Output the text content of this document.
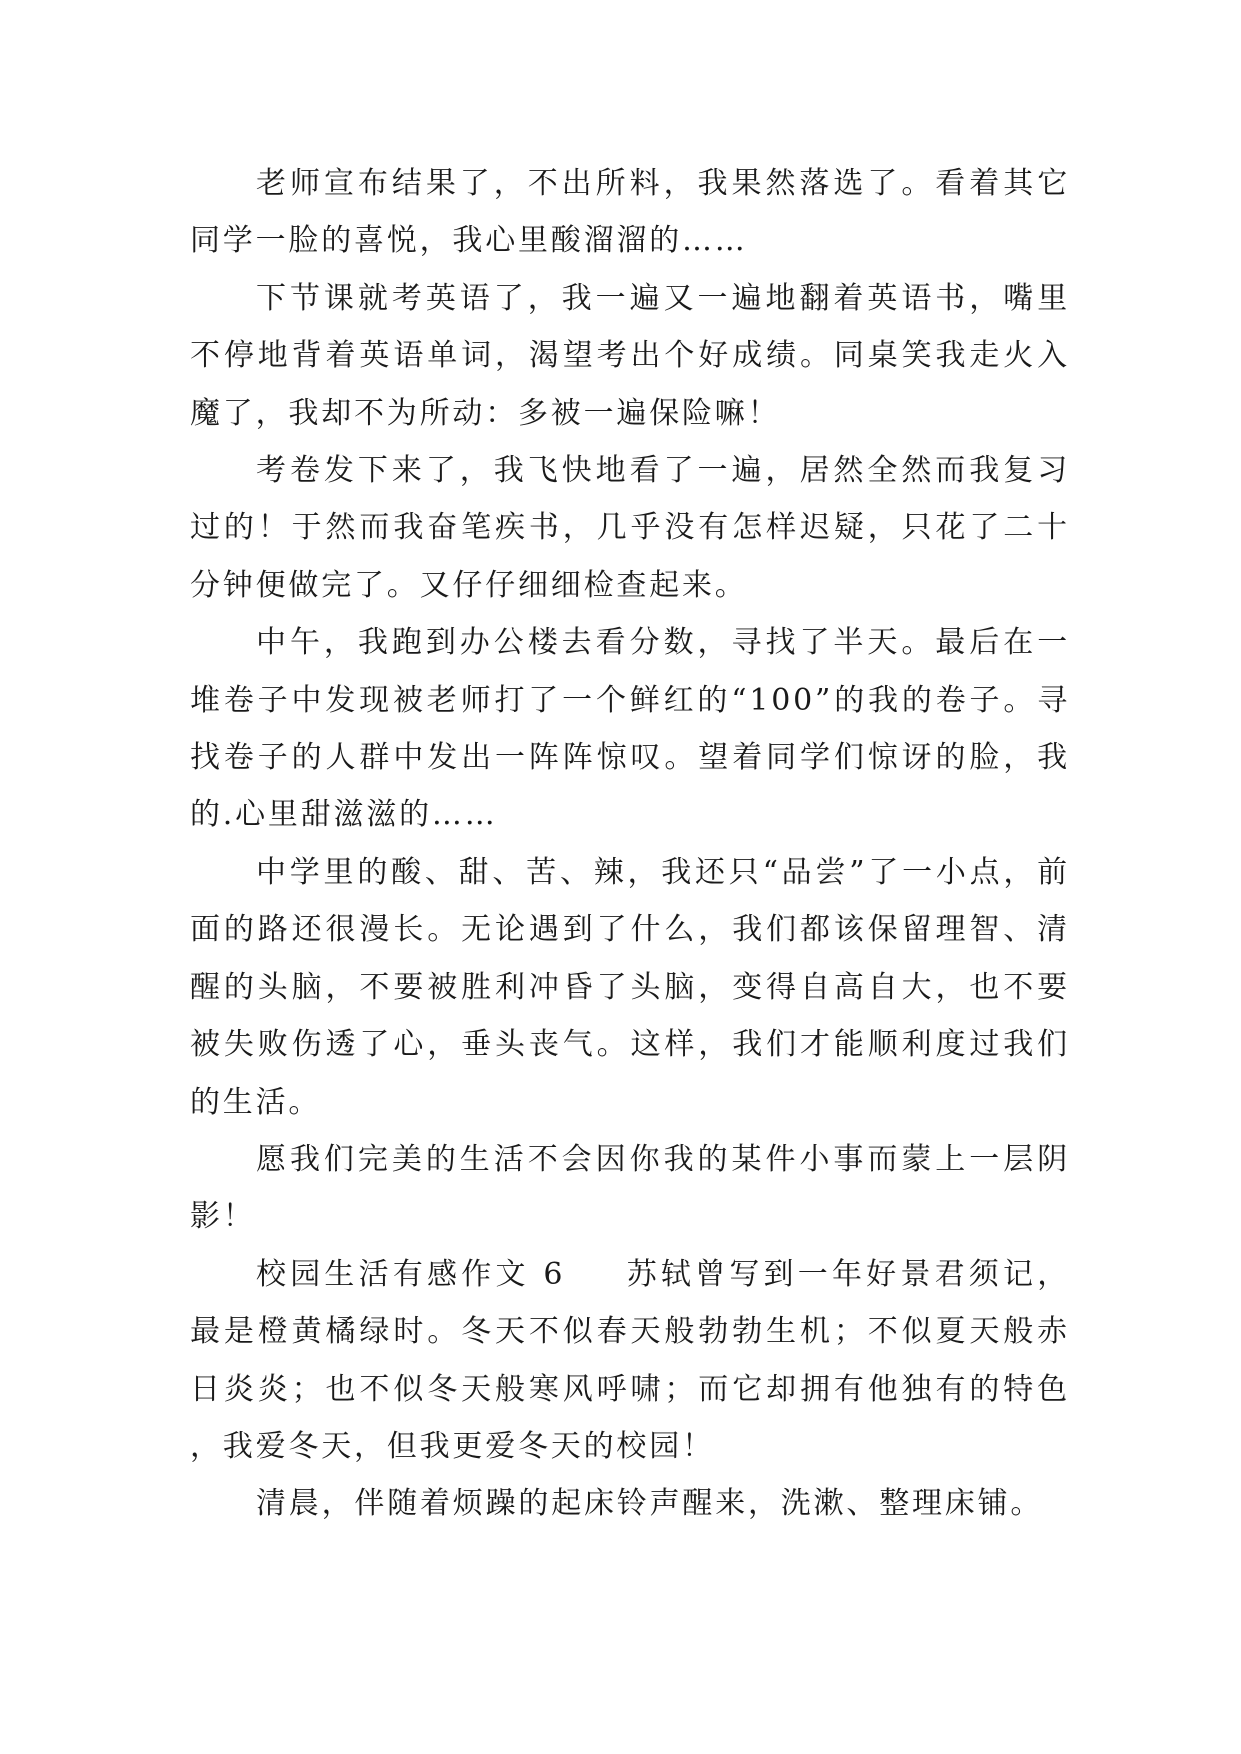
老师宣布结果了，不出所料，我果然落选了。看着其它同学一脸的喜悦，我心里酸溜溜的……

下节课就考英语了，我一遍又一遍地翻着英语书，嘴里不停地背着英语单词，渴望考出个好成绩。同桌笑我走火入魔了，我却不为所动：多被一遍保险嘛！

考卷发下来了，我飞快地看了一遍，居然全然而我复习过的！于然而我奋笔疾书，几乎没有怎样迟疑，只花了二十分钟便做完了。又仔仔细细检查起来。

中午，我跑到办公楼去看分数，寻找了半天。最后在一堆卷子中发现被老师打了一个鲜红的“100”的我的卷子。寻找卷子的人群中发出一阵阵惊叹。望着同学们惊讶的脸，我的.心里甜滋滋的……

中学里的酸、甜、苦、辣，我还只“品尝”了一小点，前面的路还很漫长。无论遇到了什么，我们都该保留理智、清醒的头脑，不要被胜利冲昏了头脑，变得自高自大，也不要被失败伤透了心，垂头丧气。这样，我们才能顺利度过我们的生活。

愿我们完美的生活不会因你我的某件小事而蒙上一层阴影！

校园生活有感作文 6 苏轼曾写到一年好景君须记，最是橙黄橘绿时。冬天不似春天般勃勃生机；不似夏天般赤日炎炎；也不似冬天般寒风呼啸；而它却拥有他独有的特色，我爱冬天，但我更爱冬天的校园！

清晨，伴随着烦躁的起床铃声醒来，洗漱、整理床铺。
